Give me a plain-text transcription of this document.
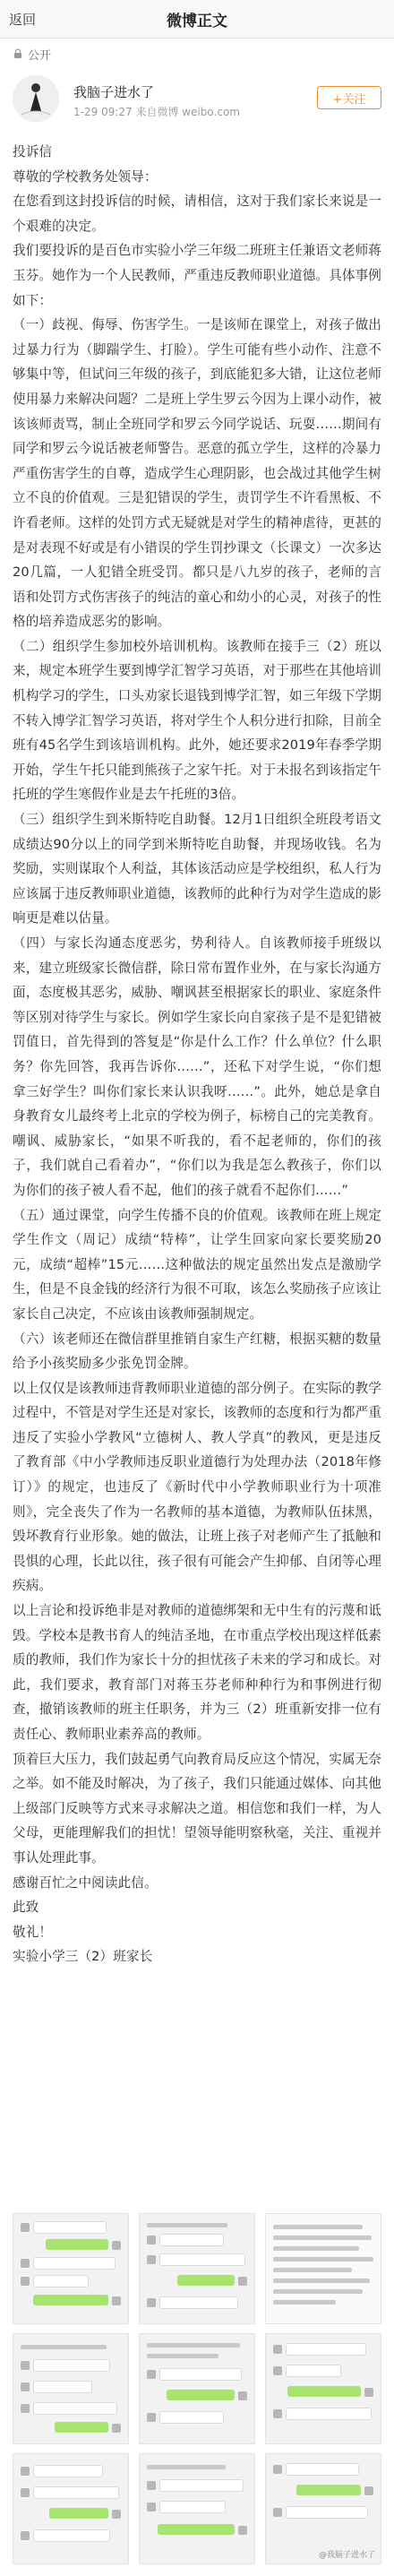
返回	微博正文
公开
我脑子进水了
1-29 09:27 来自微博 weibo.com
+关注

投诉信

尊敬的学校教务处领导：

在您看到这封投诉信的时候，请相信，这对于我们家长来说是一个艰难的决定。

我们要投诉的是百色市实验小学三年级二班班主任兼语文老师蒋玉芬。她作为一个人民教师，严重违反教师职业道德。具体事例如下：

（一）歧视、侮辱、伤害学生。一是该师在课堂上，对孩子做出过暴力行为（脚踹学生、打脸）。学生可能有些小动作、注意不够集中等，但试问三年级的孩子，到底能犯多大错，让这位老师使用暴力来解决问题？二是班上学生罗云今因为上课小动作，被该该师责骂，制止全班同学和罗云今同学说话、玩耍……期间有同学和罗云今说话被老师警告。恶意的孤立学生，这样的冷暴力严重伤害学生的自尊，造成学生心理阴影，也会战过其他学生树立不良的价值观。三是犯错误的学生，责罚学生不许看黑板、不许看老师。这样的处罚方式无疑就是对学生的精神虐待，更甚的是对表现不好或是有小错误的学生罚抄课文（长课文）一次多达20几篇，一人犯错全班受罚。都只是八九岁的孩子，老师的言语和处罚方式伤害孩子的纯洁的童心和幼小的心灵，对孩子的性格的培养造成恶劣的影响。

（二）组织学生参加校外培训机构。该教师在接手三（2）班以来，规定本班学生要到博学汇智学习英语，对于那些在其他培训机构学习的学生，口头劝家长退钱到博学汇智，如三年级下学期不转入博学汇智学习英语，将对学生个人积分进行扣除，目前全班有45名学生到该培训机构。此外，她还要求2019年春季学期开始，学生午托只能到熊孩子之家午托。对于未报名到该指定午托班的学生寒假作业是去午托班的3倍。

（三）组织学生到米斯特吃自助餐。12月1日组织全班段考语文成绩达90分以上的同学到米斯特吃自助餐，并现场收钱。名为奖励，实则谋取个人利益，其体该活动应是学校组织，私人行为应该属于违反教师职业道德，该教师的此种行为对学生造成的影响更是难以估量。

（四）与家长沟通态度恶劣，势利待人。自该教师接手班级以来，建立班级家长微信群，除日常布置作业外，在与家长沟通方面，态度极其恶劣，威胁、嘲讽甚至根据家长的职业、家庭条件等区别对待学生与家长。例如学生家长向自家孩子是不是犯错被罚值日，首先得到的答复是“你是什么工作？什么单位？什么职务？你先回答，我再告诉你……”，还私下对学生说，“你们想拿三好学生？叫你们家长来认识我呀……”。此外，她总是拿自身教育女儿最终考上北京的学校为例子，标榜自己的完美教育。嘲讽、威胁家长，“如果不听我的，看不起老师的，你们的孩子，我们就自己看着办”，“你们以为我是怎么教孩子，你们以为你们的孩子被人看不起，他们的孩子就看不起你们……”

（五）通过课堂，向学生传播不良的价值观。该教师在班上规定学生作文（周记）成绩“特棒”，让学生回家向家长要奖励20元，成绩“超棒”15元……这种做法的规定虽然出发点是激励学生，但是不良金钱的经济行为很不可取，该怎么奖励孩子应该让家长自己决定，不应该由该教师强制规定。

（六）该老师还在微信群里推销自家生产红糖，根据买糖的数量给予小孩奖励多少张免罚金牌。

以上仅仅是该教师违背教师职业道德的部分例子。在实际的教学过程中，不管是对学生还是对家长，该教师的态度和行为都严重违反了实验小学教风“立德树人、教人学真”的教风，更是违反了教育部《中小学教师违反职业道德行为处理办法（2018年修订）》的规定，也违反了《新时代中小学教师职业行为十项准则》，完全丧失了作为一名教师的基本道德，为教师队伍抹黑，毁坏教育行业形象。她的做法，让班上孩子对老师产生了抵触和畏惧的心理，长此以往，孩子很有可能会产生抑郁、自闭等心理疾病。

以上言论和投诉绝非是对教师的道德绑架和无中生有的污蔑和诋毁。学校本是教书育人的纯洁圣地，在市重点学校出现这样低素质的教师，我们作为家长十分的担忧孩子未来的学习和成长。对此，我们要求，教育部门对蒋玉芬老师种种行为和事例进行彻查，撤销该教师的班主任职务，并为三（2）班重新安排一位有责任心、教师职业素养高的教师。

顶着巨大压力，我们鼓起勇气向教育局反应这个情况，实属无奈之举。如不能及时解决，为了孩子，我们只能通过媒体、向其他上级部门反映等方式来寻求解决之道。相信您和我们一样，为人父母，更能理解我们的担忧！望领导能明察秋毫，关注、重视并事认处理此事。

感谢百忙之中阅读此信。

此致

敬礼！

实验小学三（2）班家长

@我脑子进水了
